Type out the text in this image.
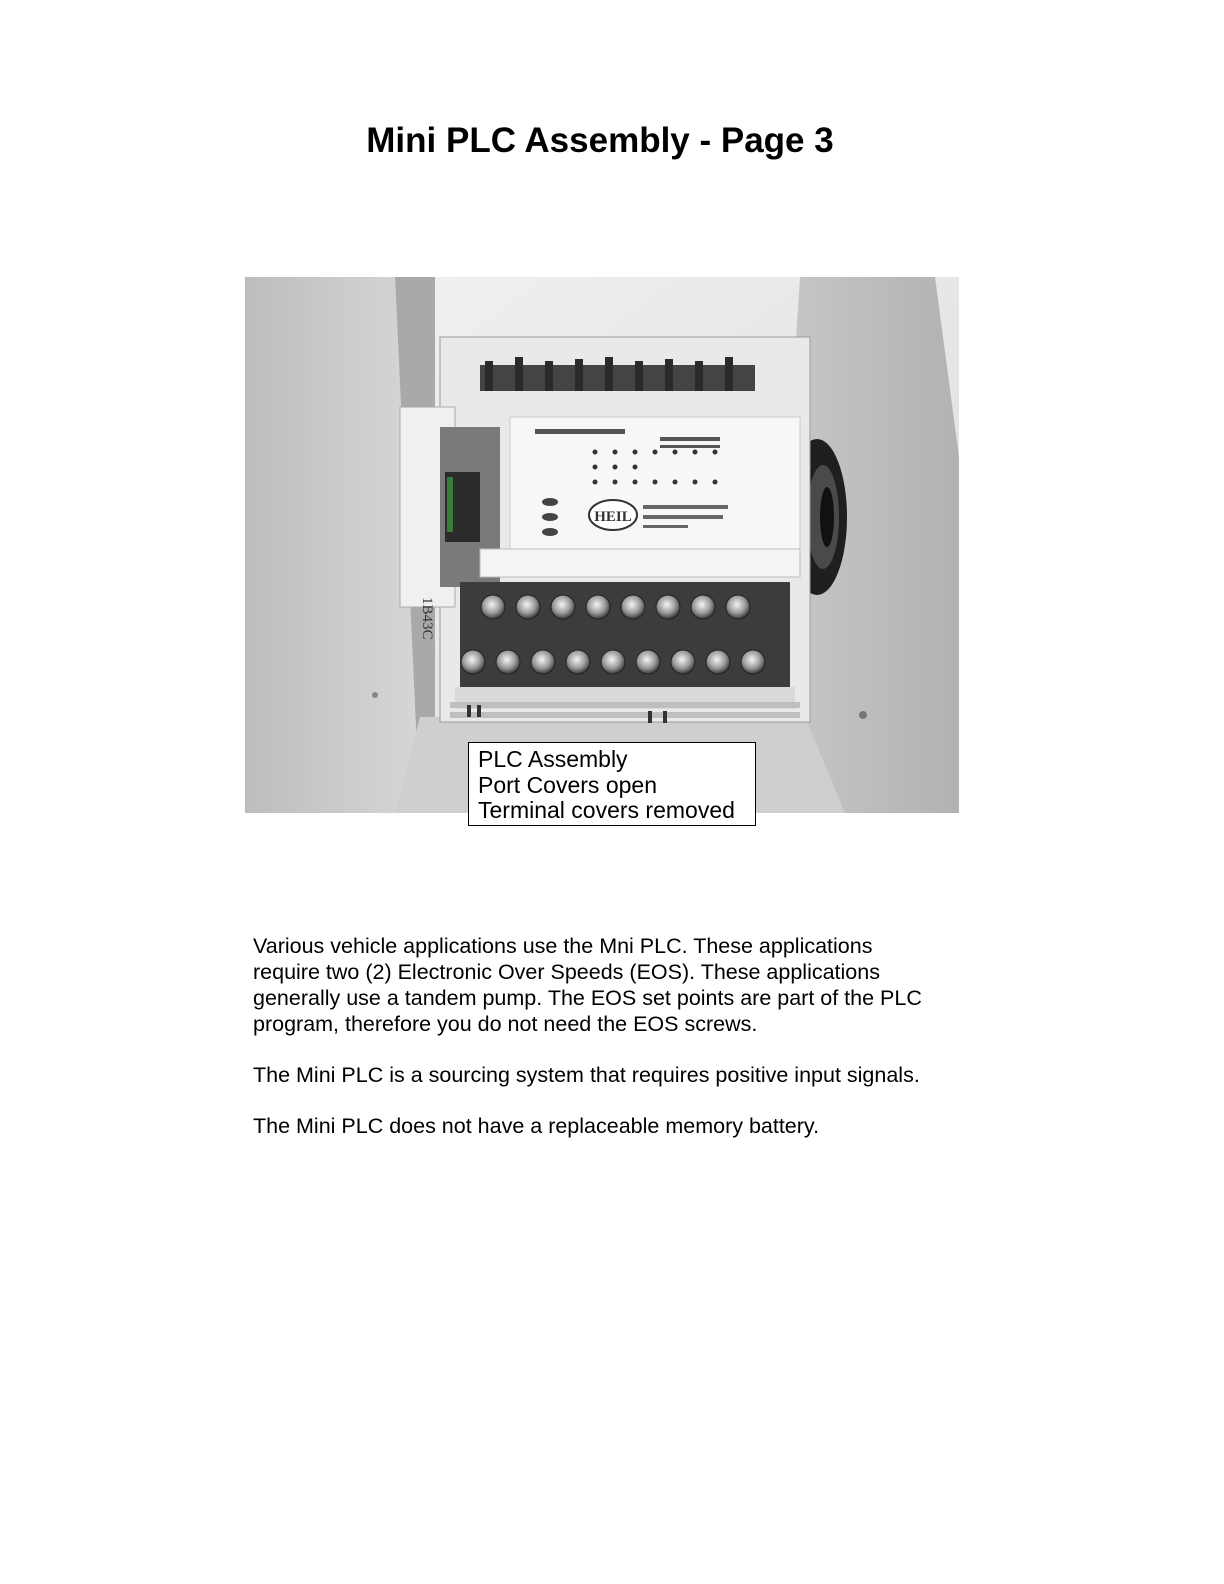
Mini PLC Assembly - Page 3
HEIL
1B43C
PLC Assembly
Port Covers open
Terminal covers removed

Various vehicle applications use the Mni PLC. These applications
require two (2) Electronic Over Speeds (EOS). These applications
generally use a tandem pump. The EOS set points are part of the PLC
program, therefore you do not need the EOS screws.

The Mini PLC is a sourcing system that requires positive input signals.

The Mini PLC does not have a replaceable memory battery.
